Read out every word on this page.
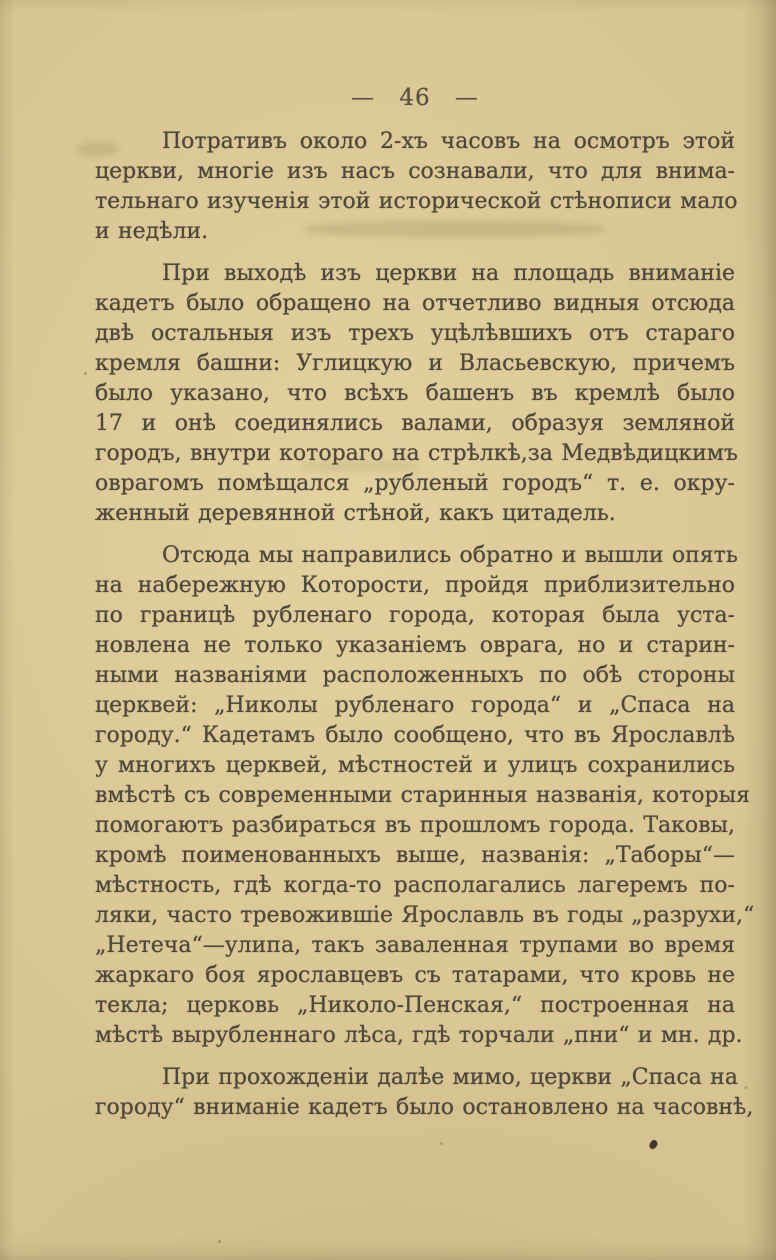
— 46 —
Потративъ около 2-хъ часовъ на осмотръ этой
церкви, многіе изъ насъ сознавали, что для внима-
тельнаго изученія этой исторической стѣнописи мало
и недѣли.
При выходѣ изъ церкви на площадь вниманіе
кадетъ было обращено на отчетливо видныя отсюда
двѣ остальныя изъ трехъ уцѣлѣвшихъ отъ стараго
кремля башни: Углицкую и Власьевскую, причемъ
было указано, что всѣхъ башенъ въ кремлѣ было
17 и онѣ соединялись валами, образуя земляной
городъ, внутри котораго на стрѣлкѣ,за Медвѣдицкимъ
оврагомъ помѣщался „рубленый городъ“ т. е. окру-
женный деревянной стѣной, какъ цитадель.
Отсюда мы направились обратно и вышли опять
на набережную Которости, пройдя приблизительно
по границѣ рубленаго города, которая была уста-
новлена не только указаніемъ оврага, но и старин-
ными названіями расположенныхъ по обѣ стороны
церквей: „Николы рубленаго города“ и „Спаса на
городу.“ Кадетамъ было сообщено, что въ Ярославлѣ
у многихъ церквей, мѣстностей и улицъ сохранились
вмѣстѣ съ современными старинныя названія, которыя
помогаютъ разбираться въ прошломъ города. Таковы,
кромѣ поименованныхъ выше, названія: „Таборы“—
мѣстность, гдѣ когда-то располагались лагеремъ по-
ляки, часто тревожившіе Ярославль въ годы „разрухи,“
„Нетеча“—улипа, такъ заваленная трупами во время
жаркаго боя ярославцевъ съ татарами, что кровь не
текла; церковь „Николо-Пенская,“ построенная на
мѣстѣ вырубленнаго лѣса, гдѣ торчали „пни“ и мн. др.
При прохожденіи далѣе мимо, церкви „Спаса на
городу“ вниманіе кадетъ было остановлено на часовнѣ,
